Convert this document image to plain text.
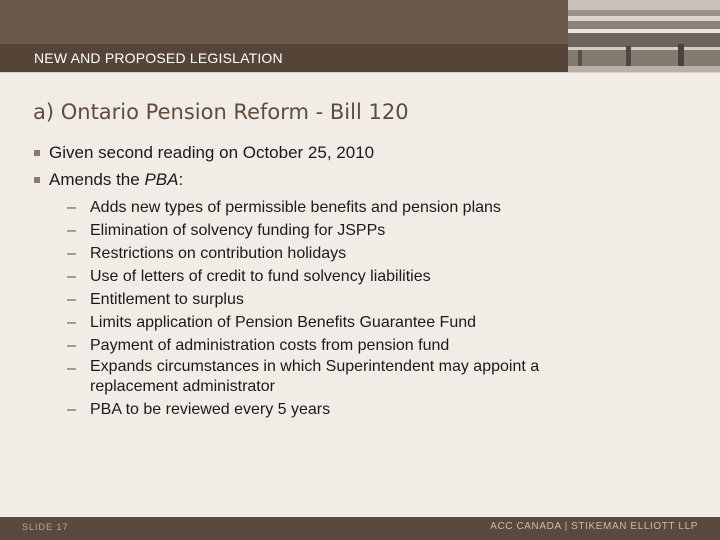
NEW AND PROPOSED LEGISLATION
a) Ontario Pension Reform - Bill 120
Given second reading on October 25, 2010
Amends the PBA:
– Adds new types of permissible benefits and pension plans
– Elimination of solvency funding for JSPPs
– Restrictions on contribution holidays
– Use of letters of credit to fund solvency liabilities
– Entitlement to surplus
– Limits application of Pension Benefits Guarantee Fund
– Payment of administration costs from pension fund
– Expands circumstances in which Superintendent may appoint a replacement administrator
– PBA to be reviewed every 5 years
SLIDE 17	ACC CANADA | STIKEMAN ELLIOTT LLP
